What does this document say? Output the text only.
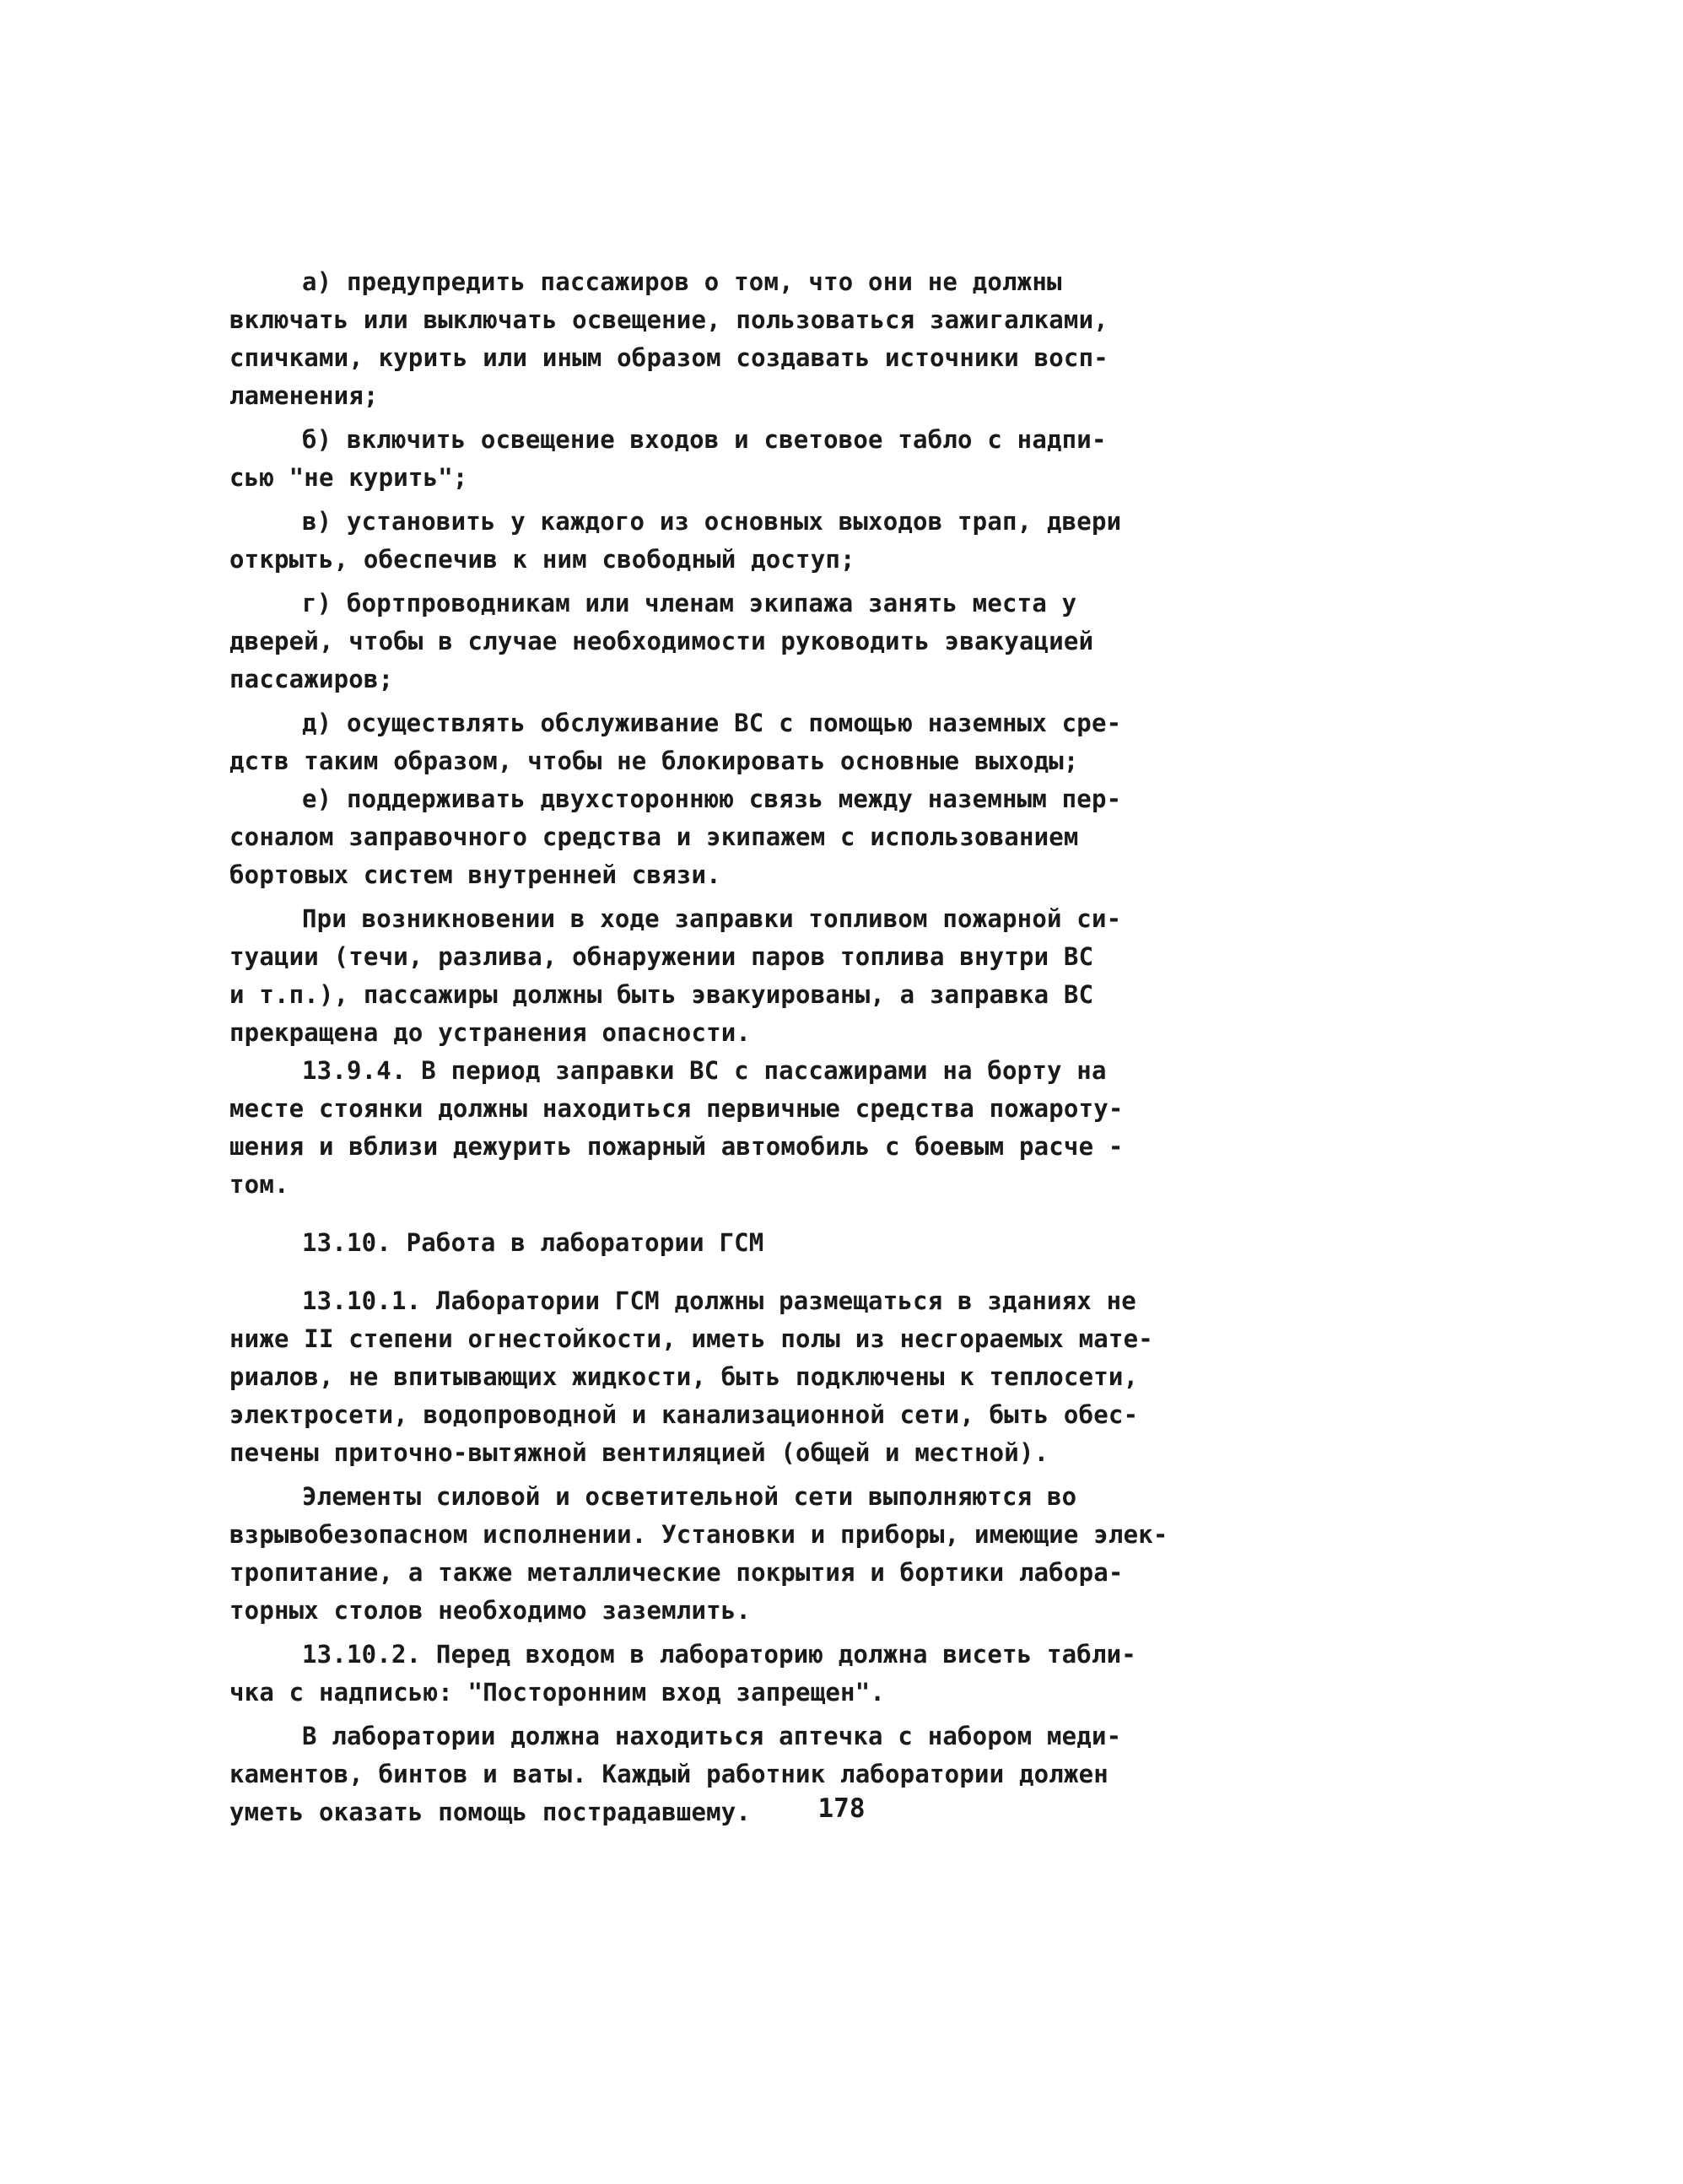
а) предупредить пассажиров о том, что они не должны
включать или выключать освещение, пользоваться зажигалками,
спичками, курить или иным образом создавать источники восп-
ламенения;
б) включить освещение входов и световое табло с надпи-
сью "не курить";
в) установить у каждого из основных выходов трап, двери
открыть, обеспечив к ним свободный доступ;
г) бортпроводникам или членам экипажа занять места у
дверей, чтобы в случае необходимости руководить эвакуацией
пассажиров;
д) осуществлять обслуживание ВС с помощью наземных сре-
дств таким образом, чтобы не блокировать основные выходы;
е) поддерживать двухстороннюю связь между наземным пер-
соналом заправочного средства и экипажем с использованием
бортовых систем внутренней связи.
При возникновении в ходе заправки топливом пожарной си-
туации (течи, разлива, обнаружении паров топлива внутри ВС
и т.п.), пассажиры должны быть эвакуированы, а заправка ВС
прекращена до устранения опасности.
13.9.4. В период заправки ВС с пассажирами на борту на
месте стоянки должны находиться первичные средства пожароту-
шения и вблизи дежурить пожарный автомобиль с боевым расче -
том.
13.10. Работа в лаборатории ГСМ
13.10.1. Лаборатории ГСМ должны размещаться в зданиях не
ниже II степени огнестойкости, иметь полы из несгораемых мате-
риалов, не впитывающих жидкости, быть подключены к теплосети,
электросети, водопроводной и канализационной сети, быть обес-
печены приточно-вытяжной вентиляцией (общей и местной).
Элементы силовой и осветительной сети выполняются во
взрывобезопасном исполнении. Установки и приборы, имеющие элек-
тропитание, а также металлические покрытия и бортики лабора-
торных столов необходимо заземлить.
13.10.2. Перед входом в лабораторию должна висеть табли-
чка с надписью: "Посторонним вход запрещен".
В лаборатории должна находиться аптечка с набором меди-
каментов, бинтов и ваты. Каждый работник лаборатории должен
уметь оказать помощь пострадавшему.	178
